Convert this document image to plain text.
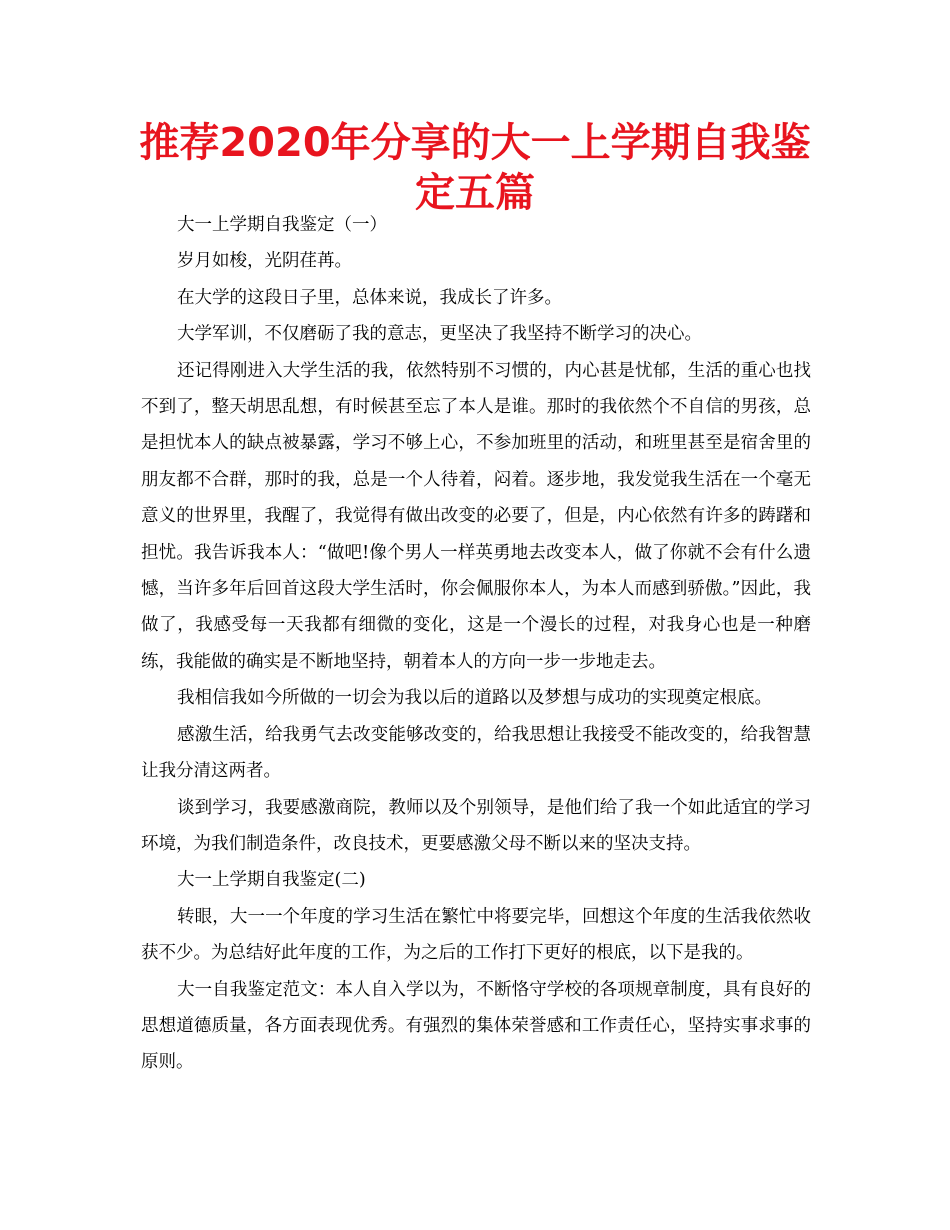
推荐2020年分享的大一上学期自我鉴定五篇

大一上学期自我鉴定（一）

岁月如梭，光阴荏苒。

在大学的这段日子里，总体来说，我成长了许多。

大学军训，不仅磨砺了我的意志，更坚决了我坚持不断学习的决心。

还记得刚进入大学生活的我，依然特别不习惯的，内心甚是忧郁，生活的重心也找不到了，整天胡思乱想，有时候甚至忘了本人是谁。那时的我依然个不自信的男孩，总是担忧本人的缺点被暴露，学习不够上心，不参加班里的活动，和班里甚至是宿舍里的朋友都不合群，那时的我，总是一个人待着，闷着。逐步地，我发觉我生活在一个毫无意义的世界里，我醒了，我觉得有做出改变的必要了，但是，内心依然有许多的踌躇和担忧。我告诉我本人：“做吧!像个男人一样英勇地去改变本人，做了你就不会有什么遗憾，当许多年后回首这段大学生活时，你会佩服你本人，为本人而感到骄傲。”因此，我做了，我感受每一天我都有细微的变化，这是一个漫长的过程，对我身心也是一种磨练，我能做的确实是不断地坚持，朝着本人的方向一步一步地走去。

我相信我如今所做的一切会为我以后的道路以及梦想与成功的实现奠定根底。

感激生活，给我勇气去改变能够改变的，给我思想让我接受不能改变的，给我智慧让我分清这两者。

谈到学习，我要感激商院，教师以及个别领导，是他们给了我一个如此适宜的学习环境，为我们制造条件，改良技术，更要感激父母不断以来的坚决支持。

大一上学期自我鉴定(二)

转眼，大一一个年度的学习生活在繁忙中将要完毕，回想这个年度的生活我依然收获不少。为总结好此年度的工作，为之后的工作打下更好的根底，以下是我的。

大一自我鉴定范文：本人自入学以为，不断恪守学校的各项规章制度，具有良好的思想道德质量，各方面表现优秀。有强烈的集体荣誉感和工作责任心，坚持实事求事的原则。
